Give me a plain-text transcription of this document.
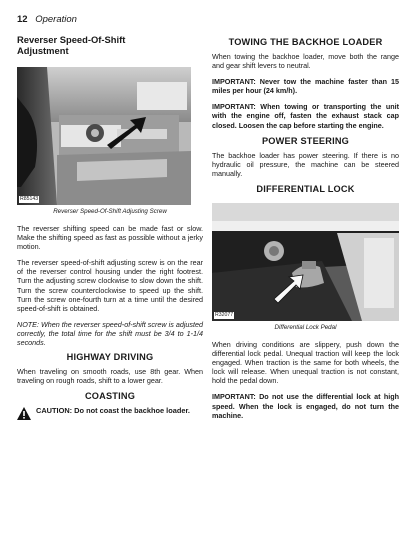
12 Operation
Reverser Speed-Of-Shift
Adjustment
R85143
Reverser Speed-Of-Shift Adjusting Screw

The reverser shifting speed can be made fast or slow. Make the shifting speed as fast as possible without a jerky motion.

The reverser speed-of-shift adjusting screw is on the rear of the reverser control housing under the right footrest. Turn the adjusting screw clockwise to slow down the shift. Turn the screw counterclockwise to speed up the shift. Turn the screw one-fourth turn at a time until the desired speed-of-shift is obtained.

NOTE: When the reverser speed-of-shift screw is adjusted correctly, the total time for the shift must be 3/4 to 1-1/4 seconds.

HIGHWAY DRIVING

When traveling on smooth roads, use 8th gear. When traveling on rough roads, shift to a lower gear.

COASTING

CAUTION: Do not coast the backhoe loader.

TOWING THE BACKHOE LOADER

When towing the backhoe loader, move both the range and gear shift levers to neutral.

IMPORTANT: Never tow the machine faster than 15 miles per hour (24 km/h).

IMPORTANT: When towing or transporting the unit with the engine off, fasten the exhaust stack cap closed. Loosen the cap before starting the engine.

POWER STEERING

The backhoe loader has power steering. If there is no hydraulic oil pressure, the machine can be steered manually.

DIFFERENTIAL LOCK
R32077
Differential Lock Pedal

When driving conditions are slippery, push down the differential lock pedal. Unequal traction will keep the lock engaged. When traction is the same for both wheels, the lock will release. When unequal traction is not constant, hold the pedal down.

IMPORTANT: Do not use the differential lock at high speed. When the lock is engaged, do not turn the machine.
